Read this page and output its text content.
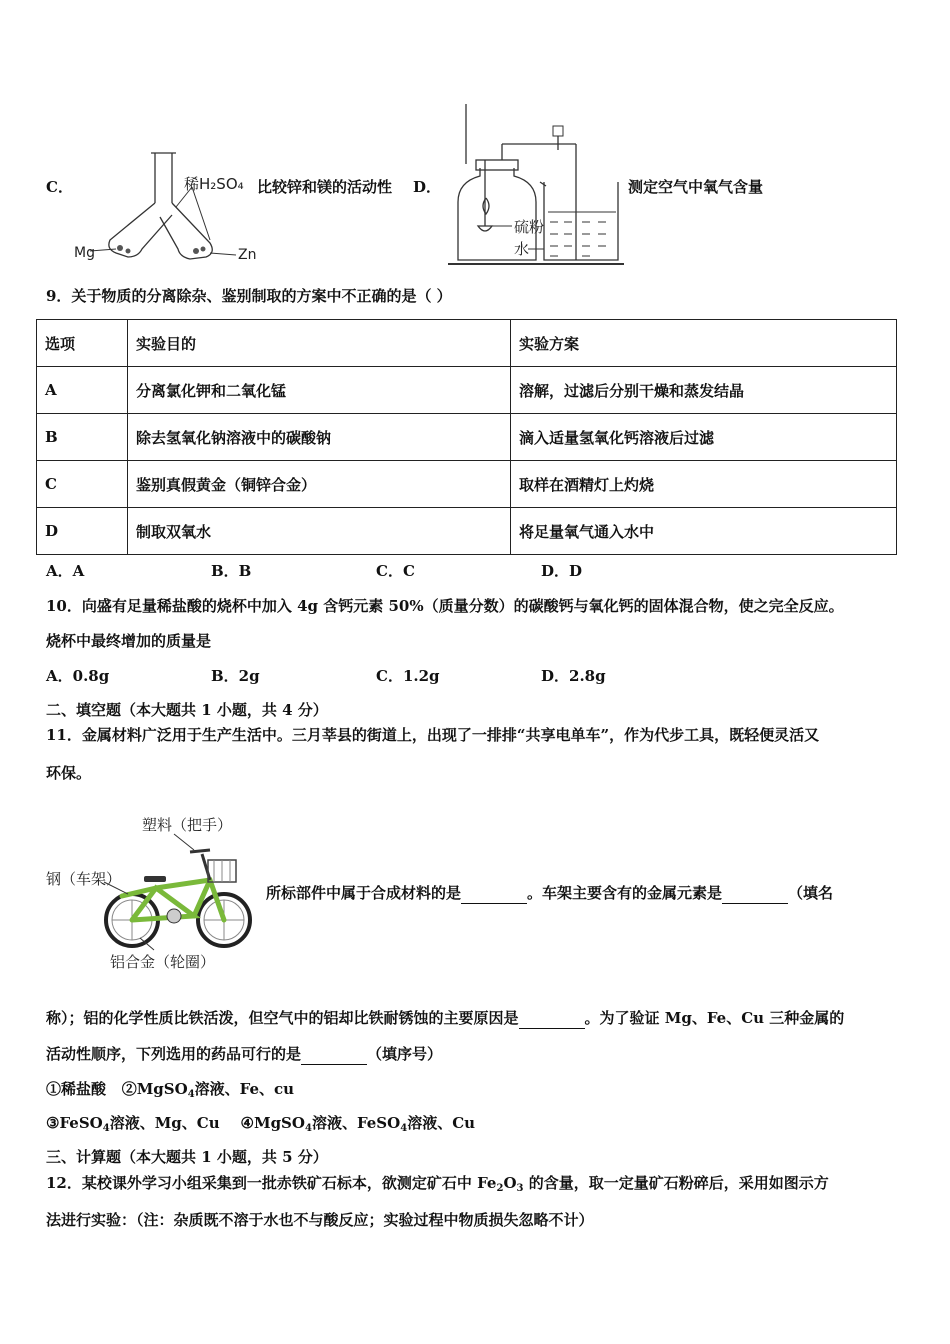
C．	稀H₂SO₄
Mg	Zn
比较锌和镁的活动性 D．
硫粉
水
测定空气中氧气含量
9．关于物质的分离除杂、鉴别制取的方案中不正确的是（ ）
选项	实验目的	实验方案
A	分离氯化钾和二氧化锰	溶解，过滤后分别干燥和蒸发结晶
B	除去氢氧化钠溶液中的碳酸钠	滴入适量氢氧化钙溶液后过滤
C	鉴别真假黄金（铜锌合金）	取样在酒精灯上灼烧
D	制取双氧水	将足量氧气通入水中
A．A	B．B	C．C	D．D
10．向盛有足量稀盐酸的烧杯中加入 4g 含钙元素 50%（质量分数）的碳酸钙与氧化钙的固体混合物，使之完全反应。
烧杯中最终增加的质量是
A．0.8g	B．2g	C．1.2g	D．2.8g
二、填空题（本大题共 1 小题，共 4 分）
11．金属材料广泛用于生产生活中。三月莘县的街道上，出现了一排排“共享电单车”，作为代步工具，既轻便灵活又
环保。
塑料（把手）
钢（车架）
铝合金（轮圈）
所标部件中属于合成材料的是	。车架主要含有的金属元素是	（填名
称）；铝的化学性质比铁活泼，但空气中的铝却比铁耐锈蚀的主要原因是	。为了验证 Mg、Fe、Cu 三种金属的
活动性顺序，下列选用的药品可行的是	（填序号）
①稀盐酸 ②MgSO$_4$溶液、Fe、cu
③FeSO$_4$溶液、Mg、Cu ④MgSO$_4$溶液、FeSO$_4$溶液、Cu
三、计算题（本大题共 1 小题，共 5 分）
12．某校课外学习小组采集到一批赤铁矿石标本，欲测定矿石中 $Fe_2O_3$ 的含量，取一定量矿石粉碎后，采用如图示方
法进行实验：（注：杂质既不溶于水也不与酸反应；实验过程中物质损失忽略不计）
